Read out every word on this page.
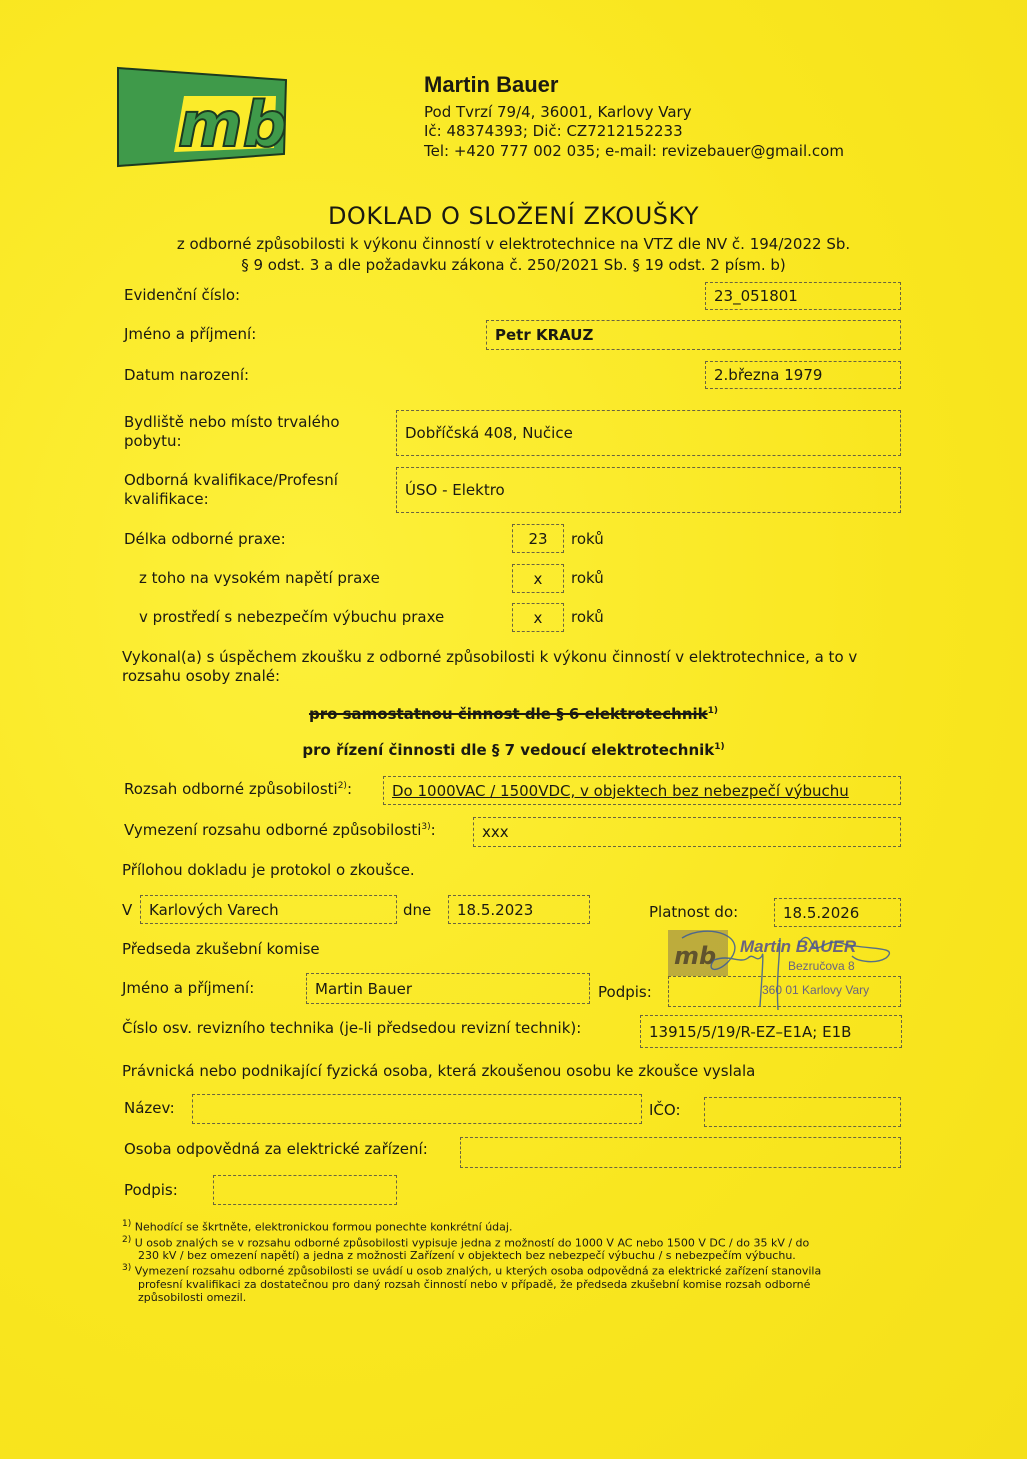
mb
Martin Bauer
Pod Tvrzí 79/4, 36001, Karlovy Vary
Ič: 48374393; Dič: CZ7212152233
Tel: +420 777 002 035; e-mail: revizebauer@gmail.com
DOKLAD O SLOŽENÍ ZKOUŠKY
z odborné způsobilosti k výkonu činností v elektrotechnice na VTZ dle NV č. 194/2022 Sb.
§ 9 odst. 3 a dle požadavku zákona č. 250/2021 Sb. § 19 odst. 2 písm. b)
Evidenční číslo:	23_051801
Jméno a příjmení:	Petr KRAUZ
Datum narození:	2.března 1979
Bydliště nebo místo trvalého
pobytu:	Dobříčská 408, Nučice
Odborná kvalifikace/Profesní
kvalifikace:	ÚSO - Elektro
Délka odborné praxe:	23	roků
z toho na vysokém napětí praxe	x	roků
v prostředí s nebezpečím výbuchu praxe	x	roků
Vykonal(a) s úspěchem zkoušku z odborné způsobilosti k výkonu činností v elektrotechnice, a to v
rozsahu osoby znalé:
pro samostatnou činnost dle § 6 elektrotechnik$^{1)}$
pro řízení činnosti dle § 7 vedoucí elektrotechnik$^{1)}$
Rozsah odborné způsobilosti$^{2)}$:	Do 1000VAC / 1500VDC, v objektech bez nebezpečí výbuchu
Vymezení rozsahu odborné způsobilosti$^{3)}$:	xxx
Přílohou dokladu je protokol o zkoušce.
V	Karlových Varech	dne	18.5.2023	Platnost do:	18.5.2026
Předseda zkušební komise
Jméno a příjmení:	Martin Bauer	Podpis:
mb Martin BAUER
Bezručova 8
360 01 Karlovy Vary
Číslo osv. revizního technika (je-li předsedou revizní technik):	13915/5/19/R-EZ–E1A; E1B
Právnická nebo podnikající fyzická osoba, která zkoušenou osobu ke zkoušce vyslala
Název:	IČO:
Osoba odpovědná za elektrické zařízení:
Podpis:

$^{1)}$ Nehodící se škrtněte, elektronickou formou ponechte konkrétní údaj.

$^{2)}$ U osob znalých se v rozsahu odborné způsobilosti vypisuje jedna z možností do 1000 V AC nebo 1500 V DC / do 35 kV / do

230 kV / bez omezení napětí) a jedna z možnosti Zařízení v objektech bez nebezpečí výbuchu / s nebezpečím výbuchu.

$^{3)}$ Vymezení rozsahu odborné způsobilosti se uvádí u osob znalých, u kterých osoba odpovědná za elektrické zařízení stanovila

profesní kvalifikaci za dostatečnou pro daný rozsah činností nebo v případě, že předseda zkušební komise rozsah odborné

způsobilosti omezil.
